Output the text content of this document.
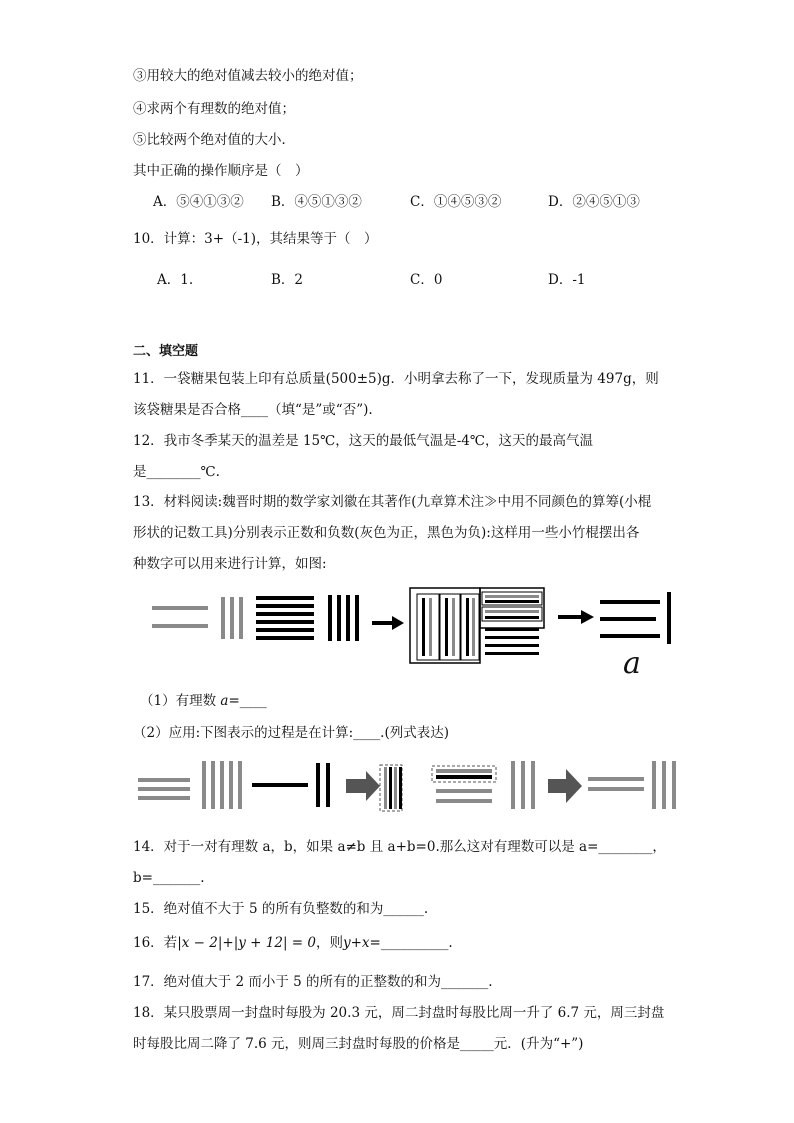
③用较大的绝对值减去较小的绝对值；
④求两个有理数的绝对值；
⑤比较两个绝对值的大小．
其中正确的操作顺序是（　）
A．⑤④①③② B．④⑤①③②	C．①④⑤③②	D．②④⑤①③
10．计算：3+（-1)，其结果等于（　）
A．1.	B．2	C．0	D．-1
二、填空题
11．一袋糖果包装上印有总质量(500±5)g．小明拿去称了一下，发现质量为 497g，则
该袋糖果是否合格____（填“是”或“否”).
12．我市冬季某天的温差是 15℃，这天的最低气温是-4℃，这天的最高气温
是________℃.
13．材料阅读:魏晋时期的数学家刘徽在其著作(九章算术注≫中用不同颜色的算筹(小棍
形状的记数工具)分别表示正数和负数(灰色为正，黑色为负):这样用一些小竹棍摆出各
种数字可以用来进行计算，如图:
a
（1）有理数 a=____
（2）应用:下图表示的过程是在计算:____.(列式表达)
14．对于一对有理数 a，b，如果 a≠b 且 a+b=0.那么这对有理数可以是 a=________，
b=_______.
15．绝对值不大于 5 的所有负整数的和为______.
16．若|x − 2|+|y + 12| = 0，则y+x=__________.
17．绝对值大于 2 而小于 5 的所有的正整数的和为_______.
18．某只股票周一封盘时每股为 20.3 元，周二封盘时每股比周一升了 6.7 元，周三封盘
时每股比周二降了 7.6 元，则周三封盘时每股的价格是_____元．(升为“+”)
